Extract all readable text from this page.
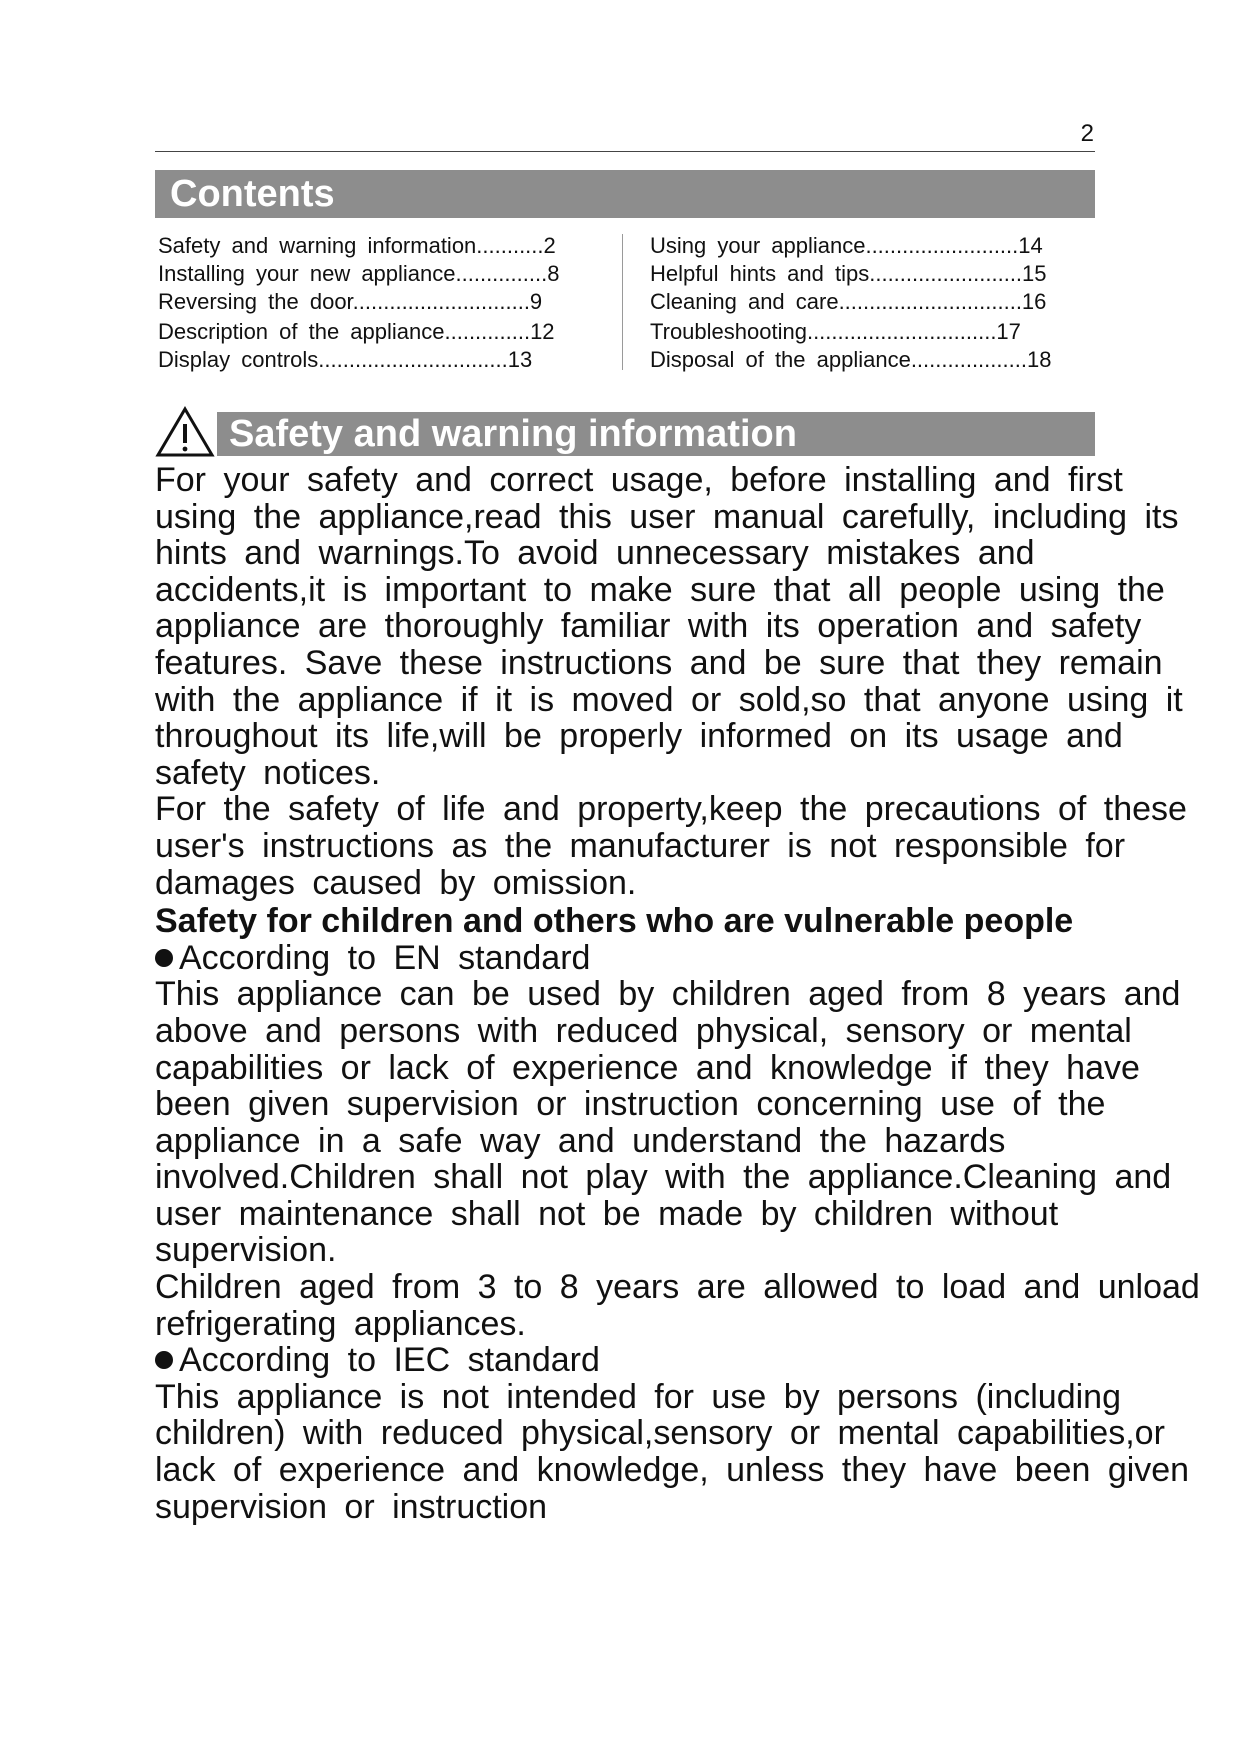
2
Contents
Safety and warning information...........2
Installing your new appliance...............8
Reversing the door.............................9
Description of the appliance..............12
Display controls...............................13
Using your appliance.........................14
Helpful hints and tips.........................15
Cleaning and care..............................16
Troubleshooting...............................17
Disposal of the appliance...................18
Safety and warning information

For your safety and correct usage, before installing and first using the appliance,read this user manual carefully, including its hints and warnings.To avoid unnecessary mistakes and accidents,it is important to make sure that all people using the appliance are thoroughly familiar with its operation and safety features. Save these instructions and be sure that they remain with the appliance if it is moved or sold,so that anyone using it throughout its life,will be properly informed on its usage and safety notices.

For the safety of life and property,keep the precautions of these user's instructions as the manufacturer is not responsible for damages caused by omission.

Safety for children and others who are vulnerable people

According to EN standard

This appliance can be used by children aged from 8 years and above and persons with reduced physical, sensory or mental capabilities or lack of experience and knowledge if they have been given supervision or instruction concerning use of the appliance in a safe way and understand the hazards involved.Children shall not play with the appliance.Cleaning and user maintenance shall not be made by children without supervision.

Children aged from 3 to 8 years are allowed to load and unload refrigerating appliances.

According to IEC standard

This appliance is not intended for use by persons (including children) with reduced physical,sensory or mental capabilities,or lack of experience and knowledge, unless they have been given supervision or instruction
